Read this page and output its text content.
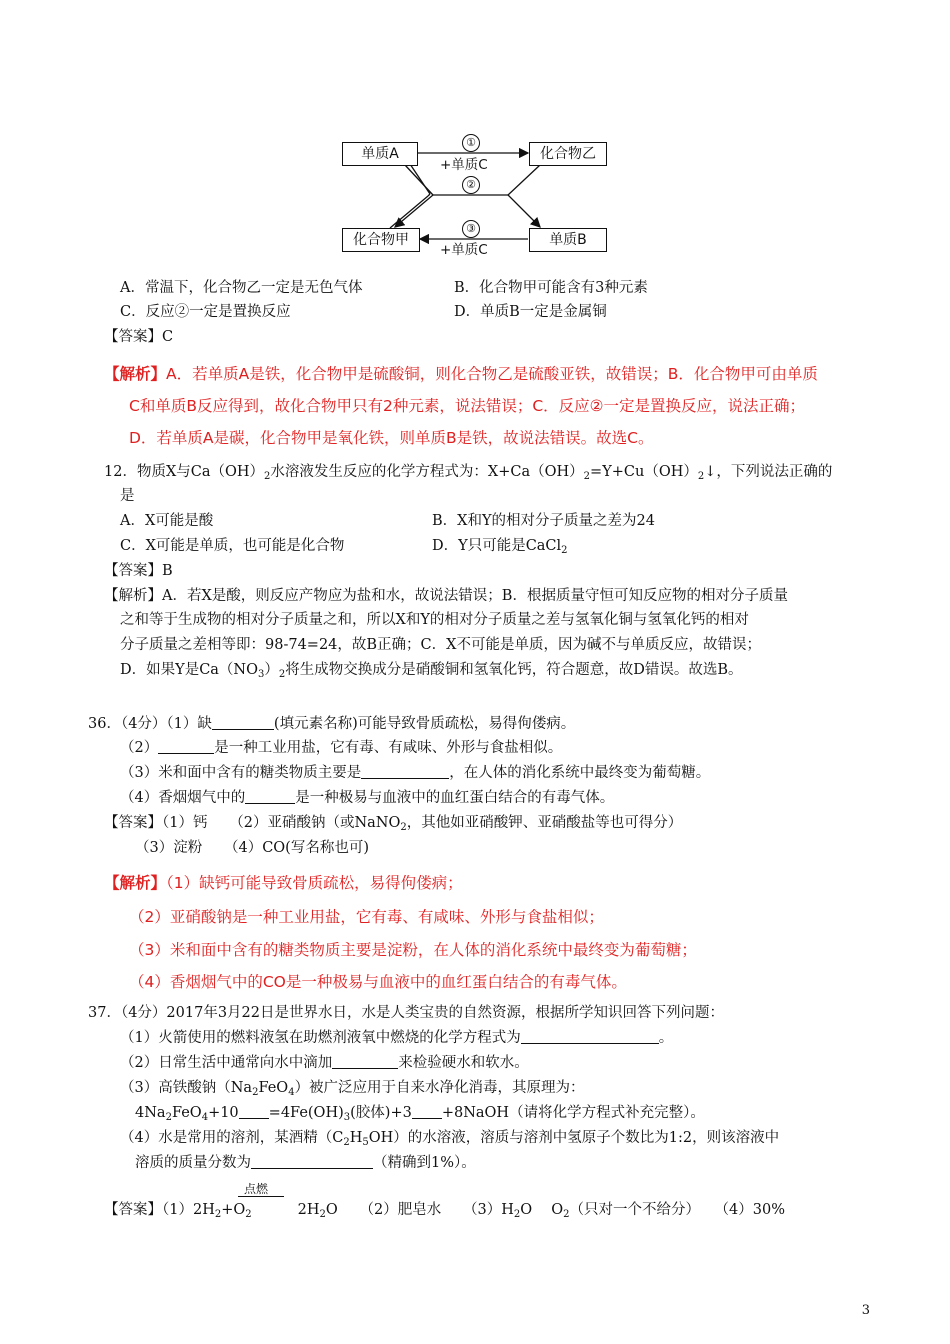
单质A	化合物乙
化合物甲	单质B
①
+单质C
②
③
+单质C
A．常温下，化合物乙一定是无色气体	B．化合物甲可能含有3种元素
C．反应②一定是置换反应	D．单质B一定是金属铜
【答案】C
【解析】A．若单质A是铁，化合物甲是硫酸铜，则化合物乙是硫酸亚铁，故错误；B．化合物甲可由单质
C和单质B反应得到，故化合物甲只有2种元素，说法错误；C．反应②一定是置换反应，说法正确；
D．若单质A是碳，化合物甲是氧化铁，则单质B是铁，故说法错误。故选C。
12．物质X与$Ca(OH)_2$水溶液发生反应的化学方程式为：$X+Ca(OH)_2=Y+Cu(OH)_2↓$，下列说法正确的
是
A．X可能是酸	B．X和Y的相对分子质量之差为24
C．X可能是单质，也可能是化合物	D．Y只可能是CaCl$_2$
【答案】B
【解析】A．若X是酸，则反应产物应为盐和水，故说法错误；B．根据质量守恒可知反应物的相对分子质量
之和等于生成物的相对分子质量之和，所以X和Y的相对分子质量之差与氢氧化铜与氢氧化钙的相对
分子质量之差相等即：98-74=24，故B正确；C．X不可能是单质，因为碱不与单质反应，故错误；
D．如果Y是$Ca(NO_3)_2$将生成物交换成分是硝酸铜和氢氧化钙，符合题意，故D错误。故选B。
36．（4分）（1）缺	(填元素名称)可能导致骨质疏松，易得佝偻病。
（2）	是一种工业用盐，它有毒、有咸味、外形与食盐相似。
（3）米和面中含有的糖类物质主要是	，在人体的消化系统中最终变为葡萄糖。
（4）香烟烟气中的	是一种极易与血液中的血红蛋白结合的有毒气体。
【答案】（1）钙　　（2）亚硝酸钠（或NaNO$_2$，其他如亚硝酸钾、亚硝酸盐等也可得分）
（3）淀粉　　（4）CO(写名称也可)
【解析】（1）缺钙可能导致骨质疏松，易得佝偻病；
（2）亚硝酸钠是一种工业用盐，它有毒、有咸味、外形与食盐相似；
（3）米和面中含有的糖类物质主要是淀粉，在人体的消化系统中最终变为葡萄糖；
（4）香烟烟气中的CO是一种极易与血液中的血红蛋白结合的有毒气体。
37．（4分）2017年3月22日是世界水日，水是人类宝贵的自然资源，根据所学知识回答下列问题：
（1）火箭使用的燃料液氢在助燃剂液氧中燃烧的化学方程式为	。
（2）日常生活中通常向水中滴加	来检验硬水和软水。
（3）高铁酸钠$(Na_2FeO_4)$被广泛应用于自来水净化消毒，其原理为：
$4Na_2FeO_4+10 =4Fe(OH)_3$(胶体)+3 +8NaOH（请将化学方程式补充完整）。
（4）水是常用的溶剂，某酒精$(C_2H_5OH)$的水溶液，溶质与溶剂中氢原子个数比为1:2，则该溶液中
溶质的质量分数为	（精确到1%）。
点燃
【答案】$(1)2H_2+O_2$	$2H_2O$　　（2）肥皂水　　$(3)H_2O$　 $O_2$（只对一个不给分）　　（4）30%
3
